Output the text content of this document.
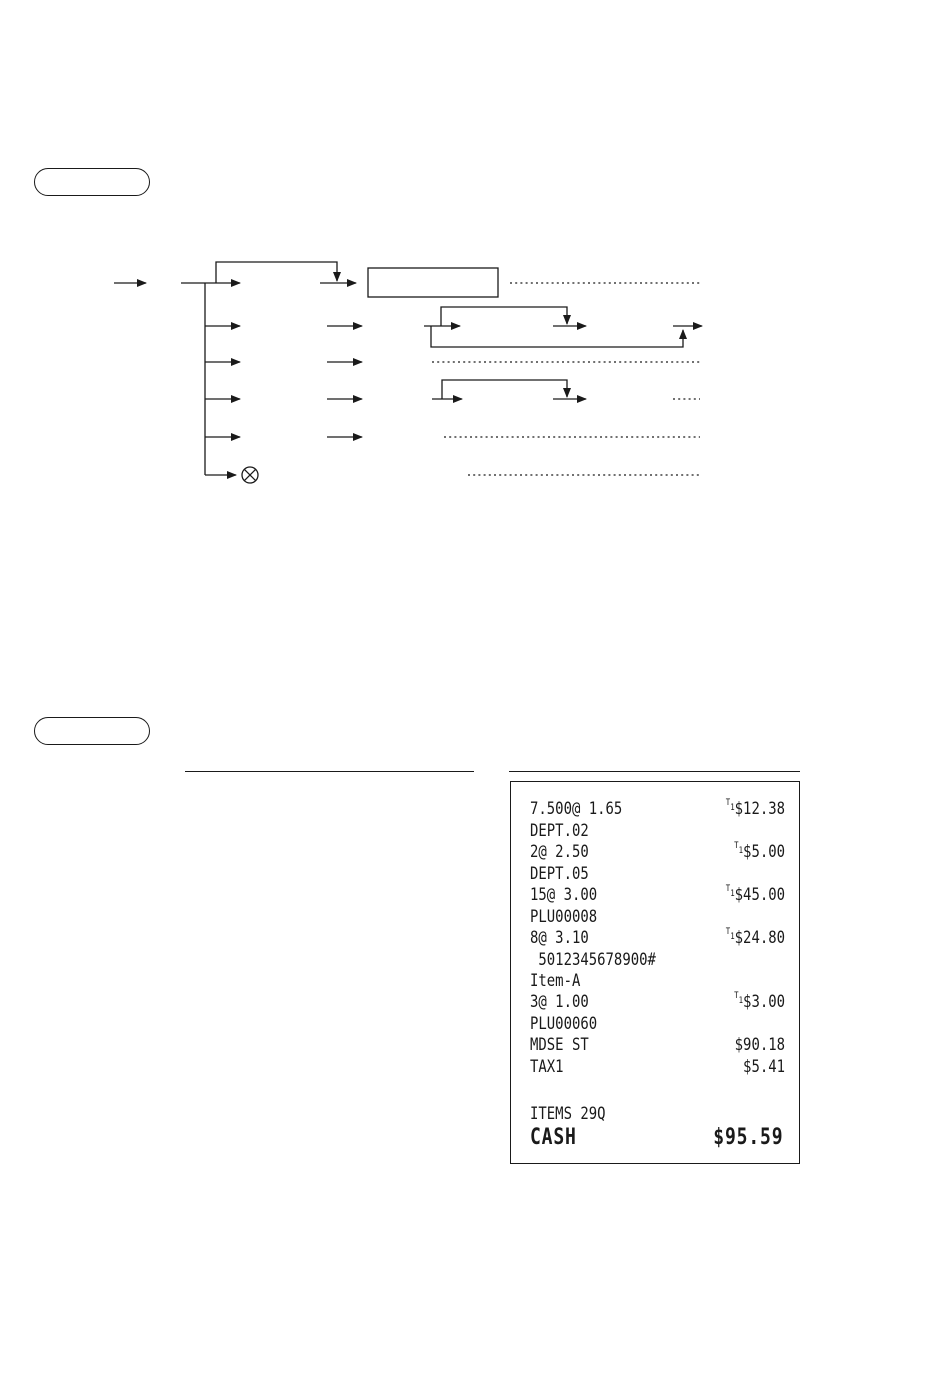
7.500@ 1.65	$^{T1}$\$12.38
DEPT.02
2@ 2.50	$^{T1}$\$5.00
DEPT.05
15@ 3.00	$^{T1}$\$45.00
PLU00008
8@ 3.10	$^{T1}$\$24.80
5012345678900#
Item-A
3@ 1.00	$^{T1}$\$3.00
PLU00060
MDSE ST	$90.18
TAX1	$5.41
ITEMS 29Q
CASH	$95.59
